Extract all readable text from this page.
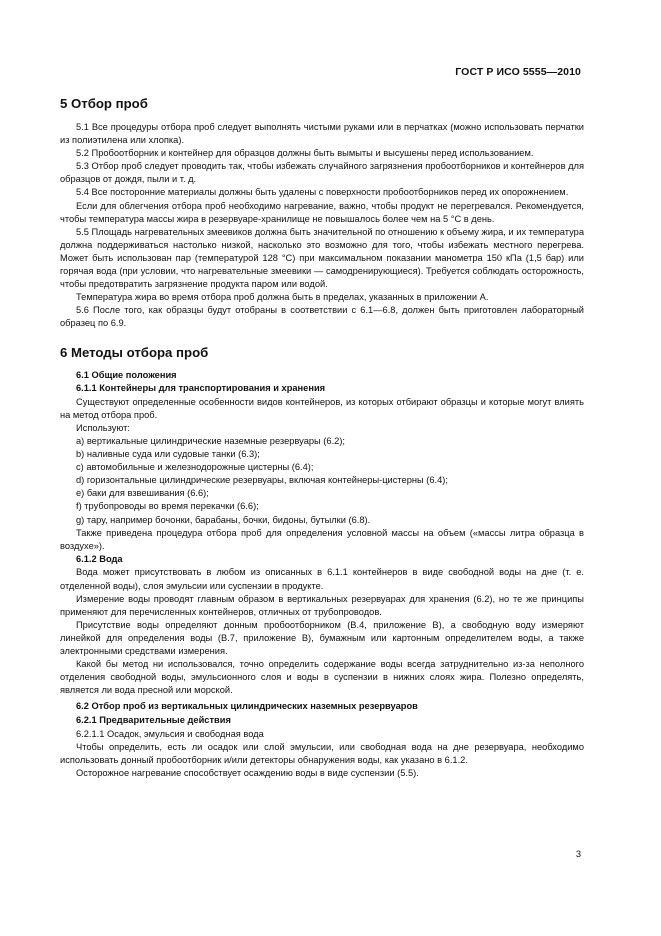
ГОСТ Р ИСО 5555—2010
5 Отбор проб
5.1 Все процедуры отбора проб следует выполнять чистыми руками или в перчатках (можно использовать перчатки из полиэтилена или хлопка).
5.2 Пробоотборник и контейнер для образцов должны быть вымыты и высушены перед использованием.
5.3 Отбор проб следует проводить так, чтобы избежать случайного загрязнения пробоотборников и контейнеров для образцов от дождя, пыли и т. д.
5.4 Все посторонние материалы должны быть удалены с поверхности пробоотборников перед их опорожнением.
Если для облегчения отбора проб необходимо нагревание, важно, чтобы продукт не перегревался. Рекомендуется, чтобы температура массы жира в резервуаре-хранилище не повышалось более чем на 5 °С в день.
5.5 Площадь нагревательных змеевиков должна быть значительной по отношению к объему жира, и их температура должна поддерживаться настолько низкой, насколько это возможно для того, чтобы избежать местного перегрева. Может быть использован пар (температурой 128 °С) при максимальном показании манометра 150 кПа (1,5 бар) или горячая вода (при условии, что нагревательные змеевики — самодренирующиеся). Требуется соблюдать осторожность, чтобы предотвратить загрязнение продукта паром или водой.
Температура жира во время отбора проб должна быть в пределах, указанных в приложении А.
5.6 После того, как образцы будут отобраны в соответствии с 6.1—6.8, должен быть приготовлен лабораторный образец по 6.9.
6 Методы отбора проб
6.1 Общие положения
6.1.1 Контейнеры для транспортирования и хранения
Существуют определенные особенности видов контейнеров, из которых отбирают образцы и которые могут влиять на метод отбора проб.
Используют:
a) вертикальные цилиндрические наземные резервуары (6.2);
b) наливные суда или судовые танки (6.3);
c) автомобильные и железнодорожные цистерны (6.4);
d) горизонтальные цилиндрические резервуары, включая контейнеры-цистерны (6.4);
e) баки для взвешивания (6.6);
f) трубопроводы во время перекачки (6.6);
g) тару, например бочонки, барабаны, бочки, бидоны, бутылки (6.8).
Также приведена процедура отбора проб для определения условной массы на объем («массы литра образца в воздухе»).
6.1.2 Вода
Вода может присутствовать в любом из описанных в 6.1.1 контейнеров в виде свободной воды на дне (т. е. отделенной воды), слоя эмульсии или суспензии в продукте.
Измерение воды проводят главным образом в вертикальных резервуарах для хранения (6.2), но те же принципы применяют для перечисленных контейнеров, отличных от трубопроводов.
Присутствие воды определяют донным пробоотборником (В.4, приложение В), а свободную воду измеряют линейкой для определения воды (В.7, приложение В), бумажным или картонным определителем воды, а также электронными средствами измерения.
Какой бы метод ни использовался, точно определить содержание воды всегда затруднительно из-за неполного отделения свободной воды, эмульсионного слоя и воды в суспензии в нижних слоях жира. Полезно определять, является ли вода пресной или морской.
6.2 Отбор проб из вертикальных цилиндрических наземных резервуаров
6.2.1 Предварительные действия
6.2.1.1 Осадок, эмульсия и свободная вода
Чтобы определить, есть ли осадок или слой эмульсии, или свободная вода на дне резервуара, необходимо использовать донный пробоотборник и/или детекторы обнаружения воды, как указано в 6.1.2.
Осторожное нагревание способствует осаждению воды в виде суспензии (5.5).
3
